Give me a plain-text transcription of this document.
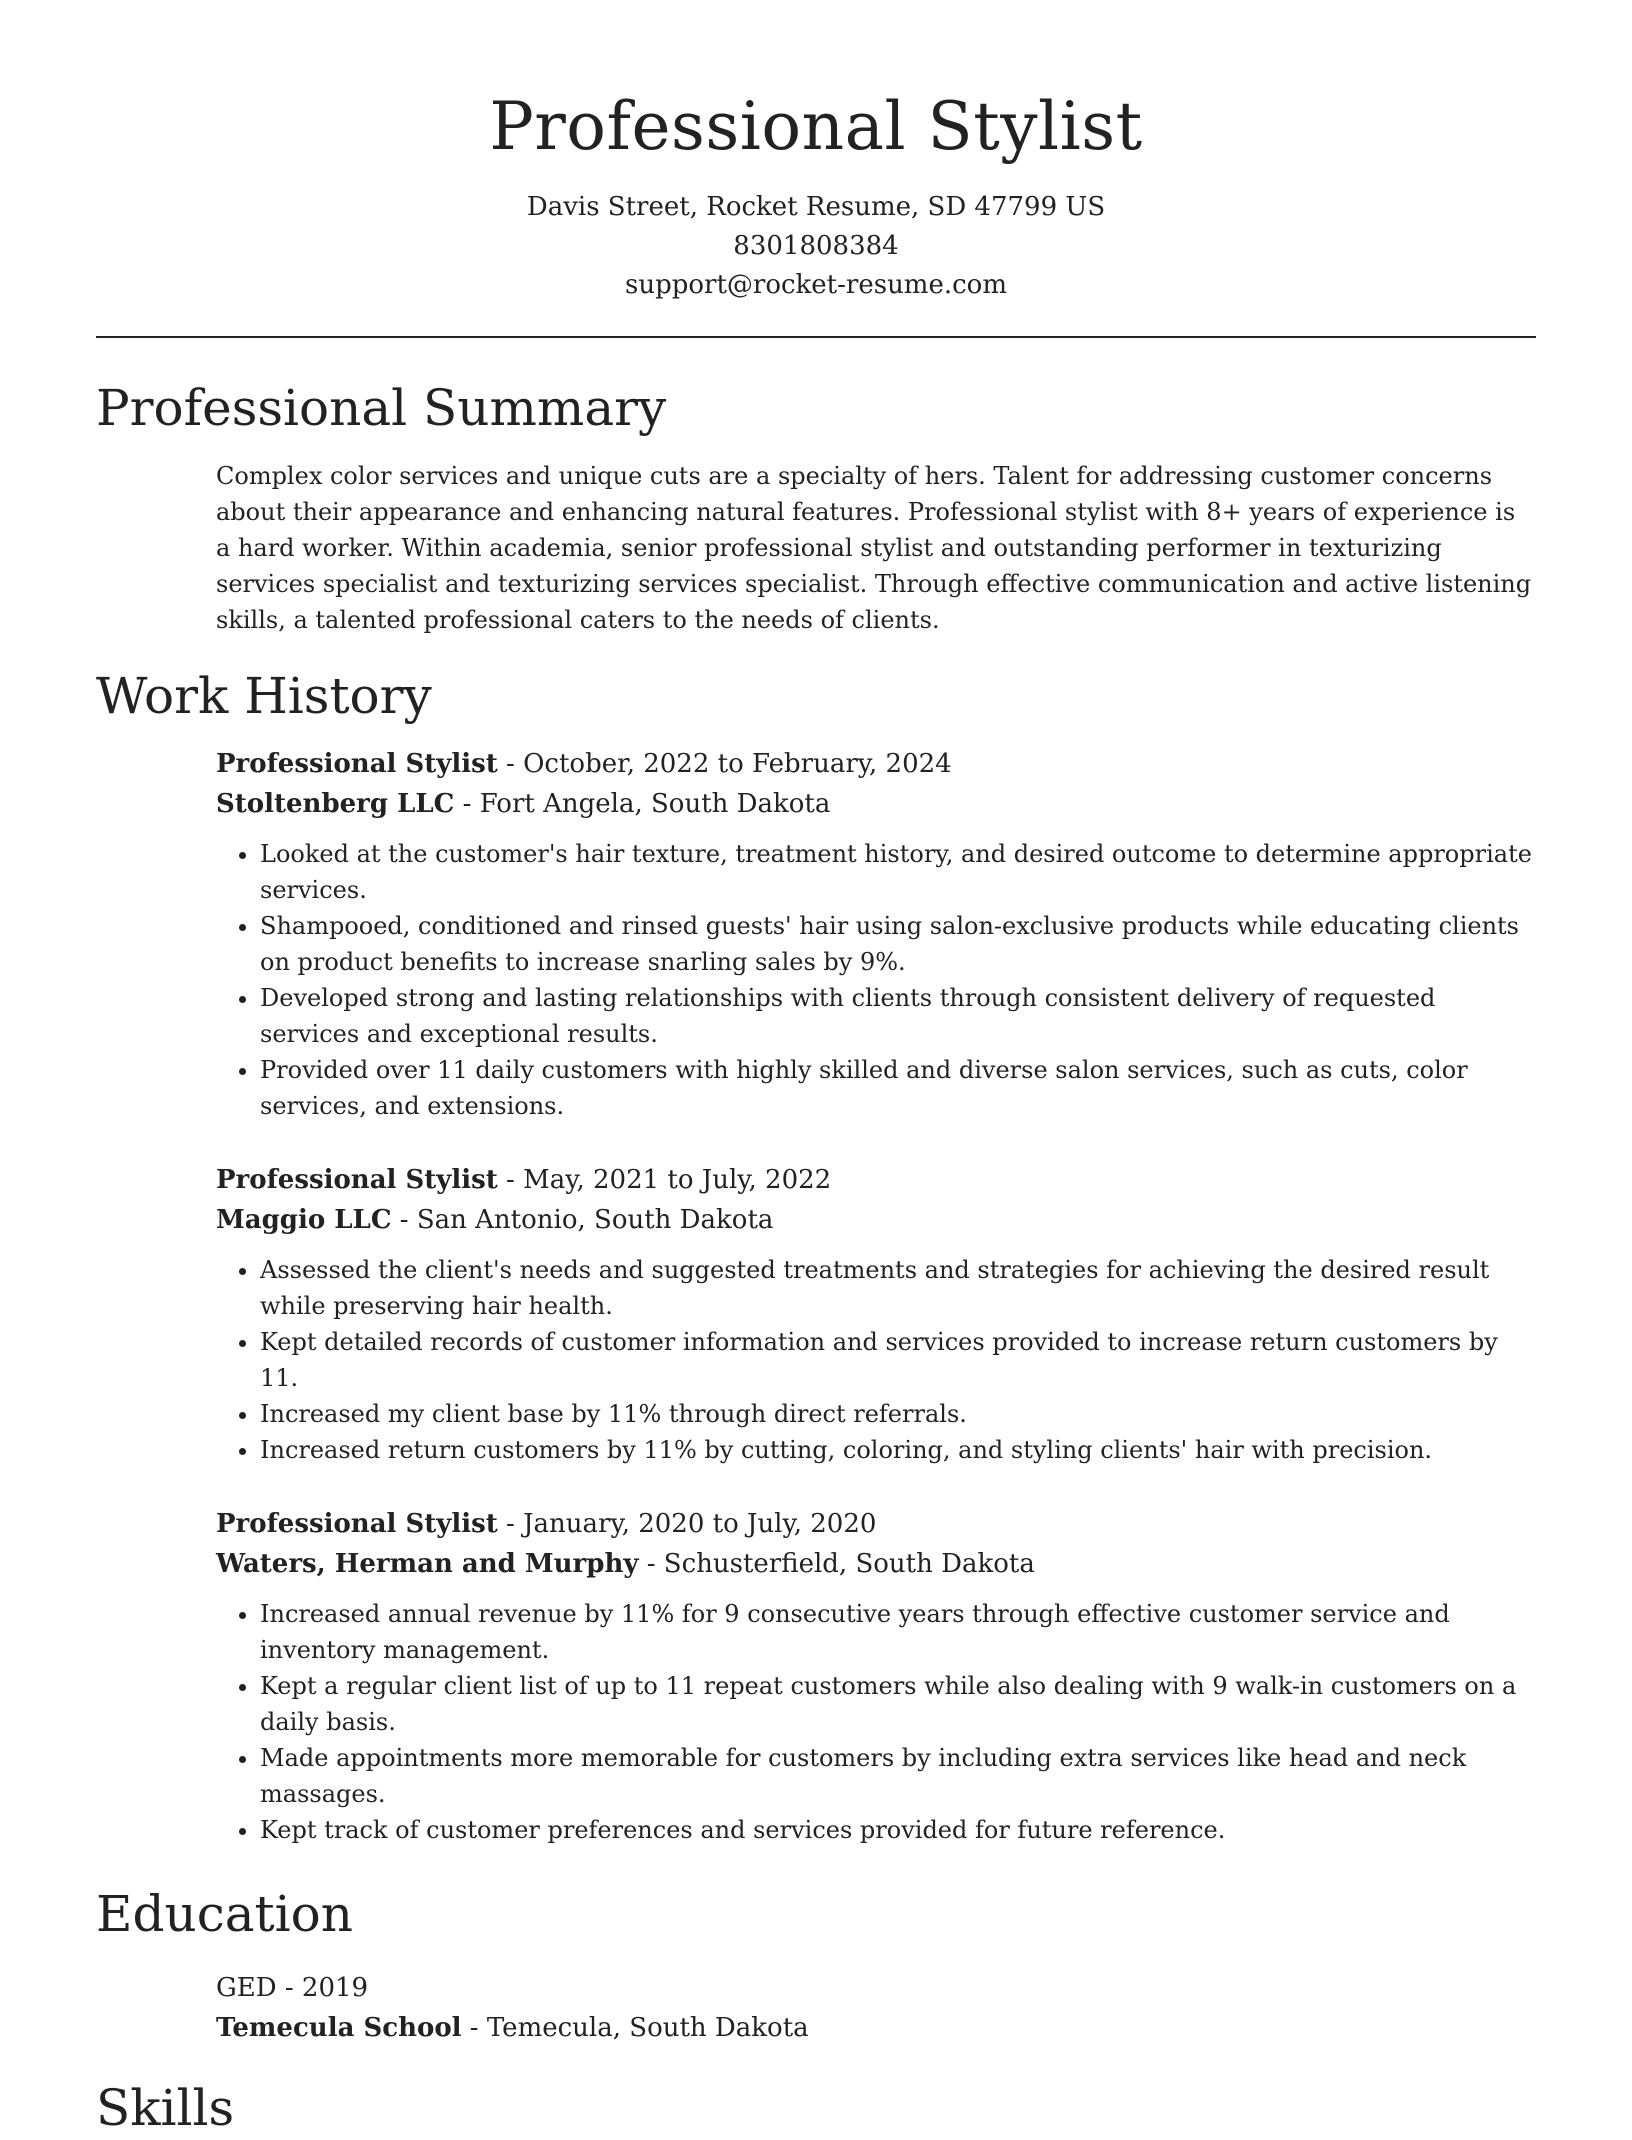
Professional Stylist
Davis Street, Rocket Resume, SD 47799 US
8301808384
support@rocket-resume.com
Professional Summary
Complex color services and unique cuts are a specialty of hers. Talent for addressing customer concerns about their appearance and enhancing natural features. Professional stylist with 8+ years of experience is a hard worker. Within academia, senior professional stylist and outstanding performer in texturizing services specialist and texturizing services specialist. Through effective communication and active listening skills, a talented professional caters to the needs of clients.
Work History
Professional Stylist - October, 2022 to February, 2024
Stoltenberg LLC - Fort Angela, South Dakota
• Looked at the customer's hair texture, treatment history, and desired outcome to determine appropriate services.
• Shampooed, conditioned and rinsed guests' hair using salon-exclusive products while educating clients on product benefits to increase snarling sales by 9%.
• Developed strong and lasting relationships with clients through consistent delivery of requested services and exceptional results.
• Provided over 11 daily customers with highly skilled and diverse salon services, such as cuts, color services, and extensions.
Professional Stylist - May, 2021 to July, 2022
Maggio LLC - San Antonio, South Dakota
• Assessed the client's needs and suggested treatments and strategies for achieving the desired result while preserving hair health.
• Kept detailed records of customer information and services provided to increase return customers by 11.
• Increased my client base by 11% through direct referrals.
• Increased return customers by 11% by cutting, coloring, and styling clients' hair with precision.
Professional Stylist - January, 2020 to July, 2020
Waters, Herman and Murphy - Schusterfield, South Dakota
• Increased annual revenue by 11% for 9 consecutive years through effective customer service and inventory management.
• Kept a regular client list of up to 11 repeat customers while also dealing with 9 walk-in customers on a daily basis.
• Made appointments more memorable for customers by including extra services like head and neck massages.
• Kept track of customer preferences and services provided for future reference.
Education
GED - 2019
Temecula School - Temecula, South Dakota
Skills
